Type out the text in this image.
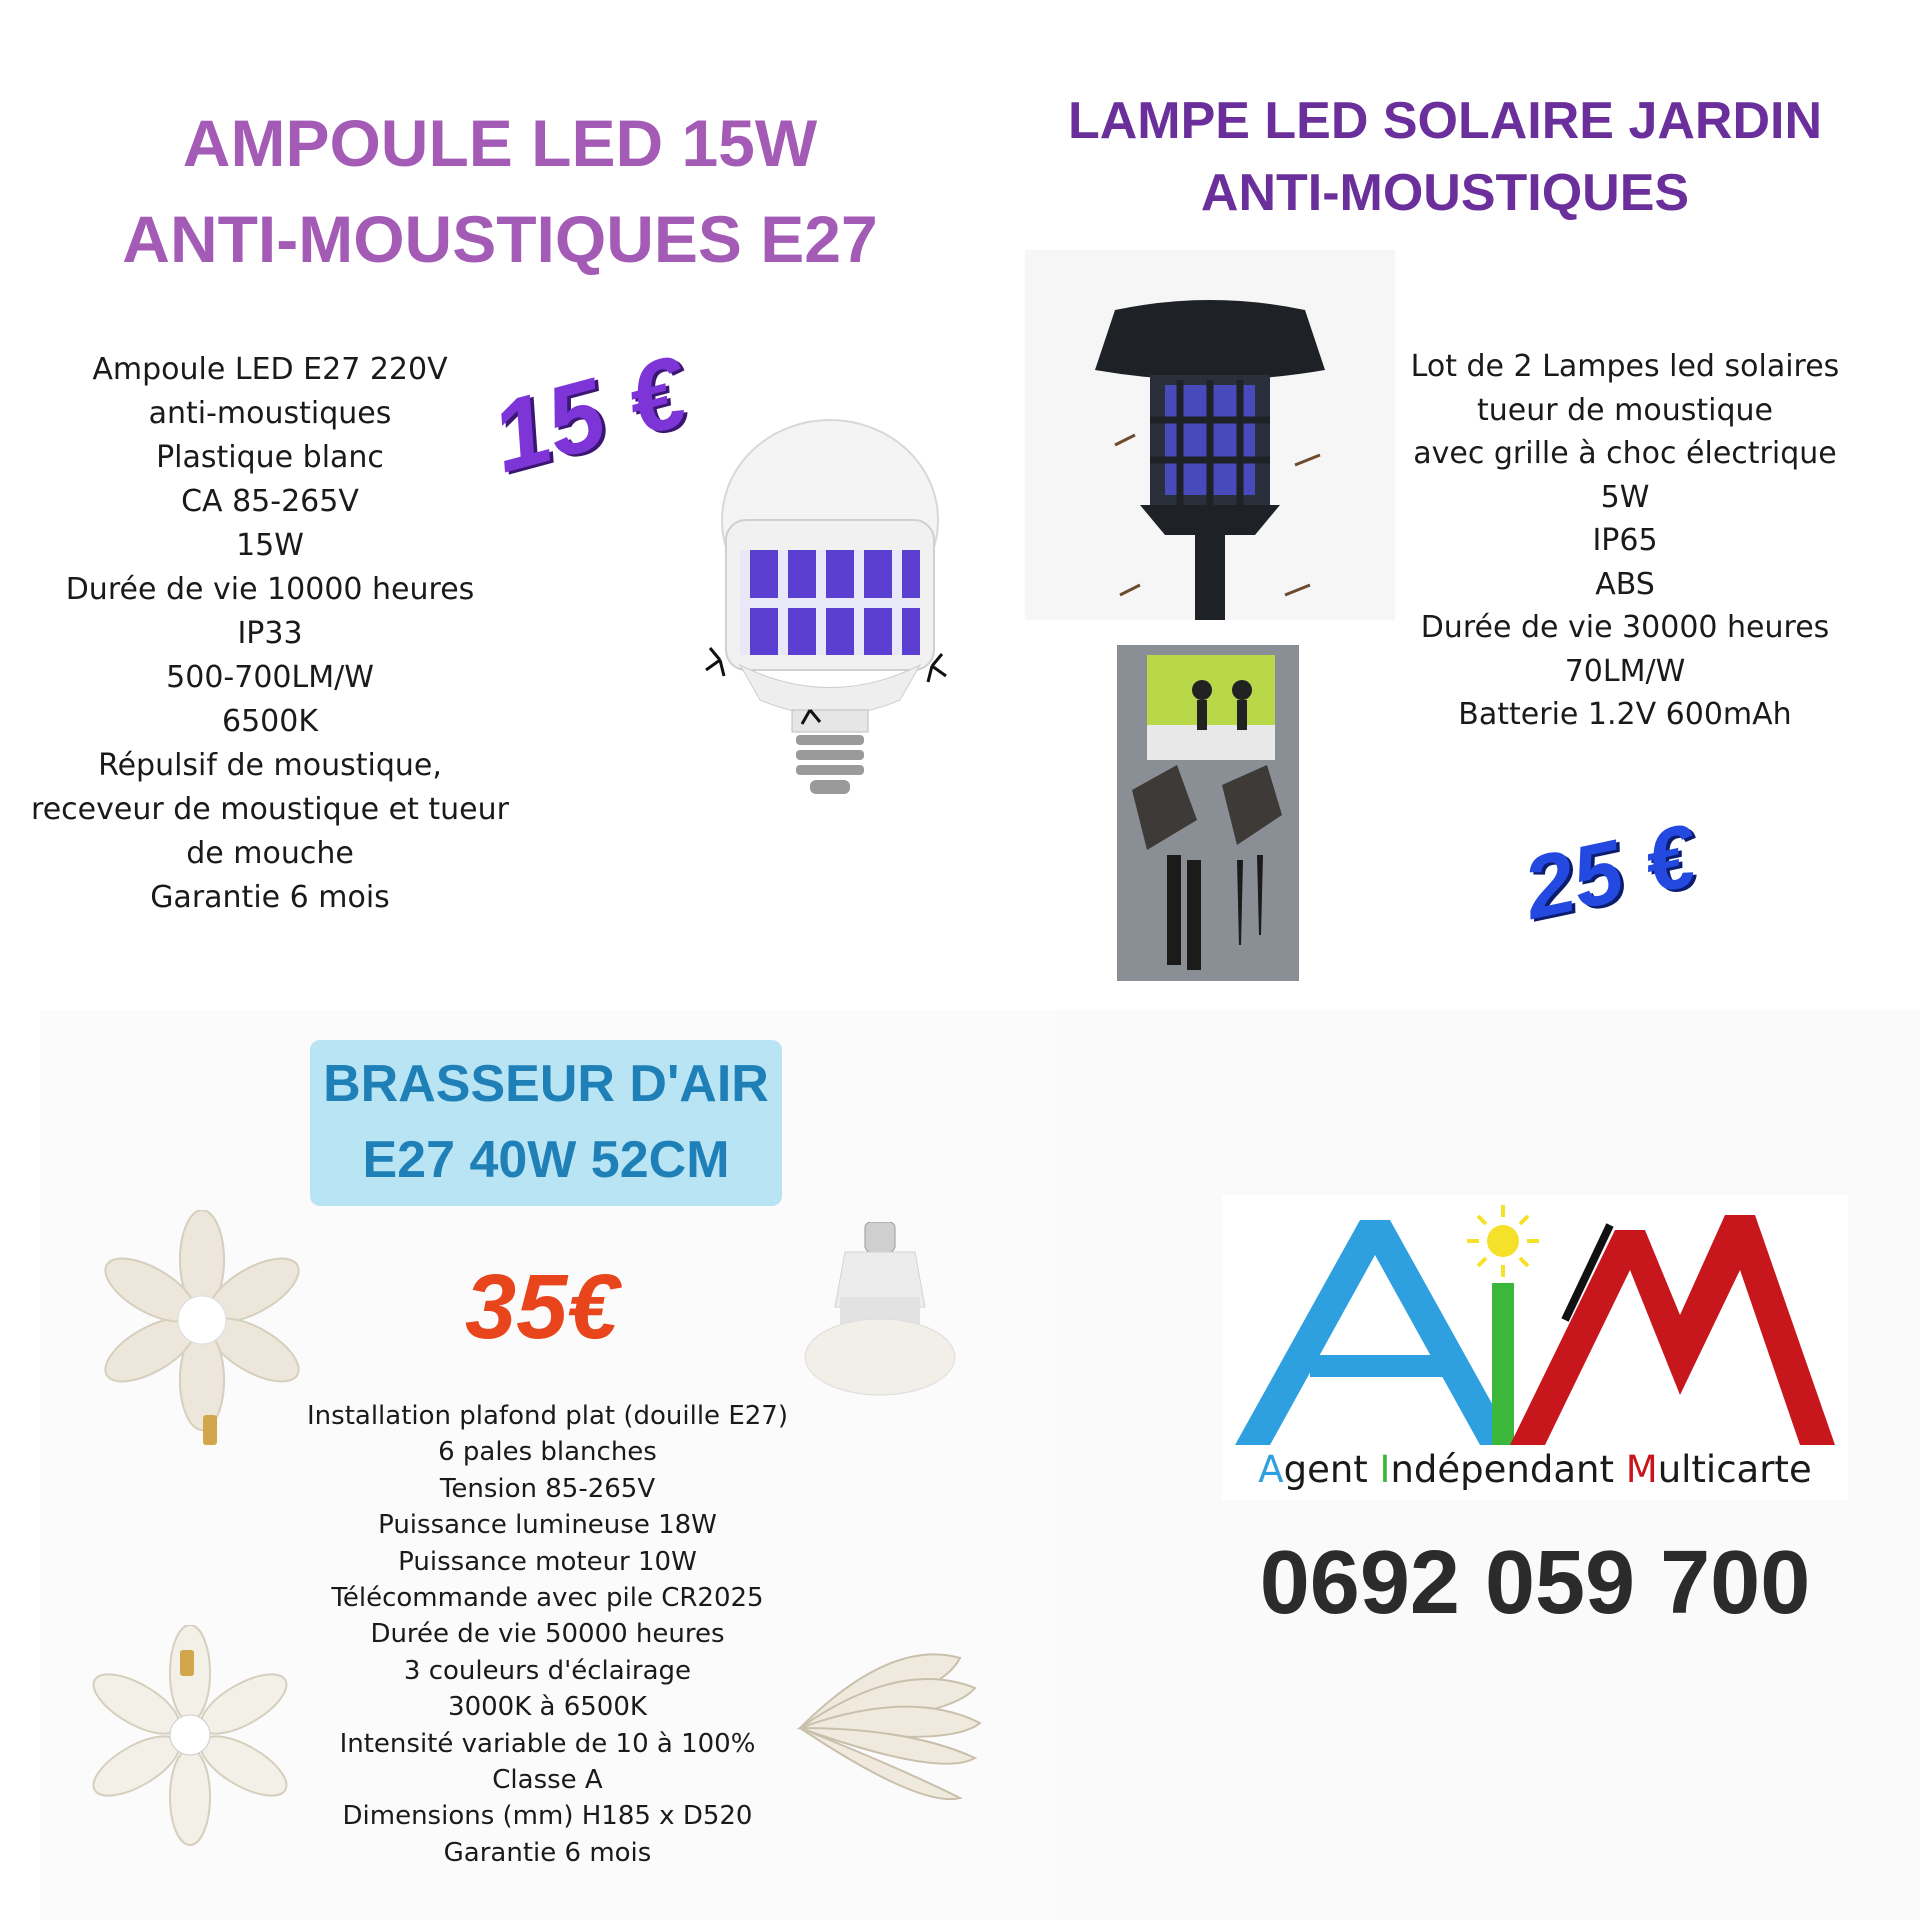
AMPOULE LED 15W
ANTI-MOUSTIQUES E27
Ampoule LED E27 220V
anti-moustiques
Plastique blanc
CA 85-265V
15W
Durée de vie 10000 heures
IP33
500-700LM/W
6500K
Répulsif de moustique,
receveur de moustique et tueur
de mouche
Garantie 6 mois
15 €
LAMPE LED SOLAIRE JARDIN
ANTI-MOUSTIQUES
Lot de 2 Lampes led solaires
tueur de moustique
avec grille à choc électrique
5W
IP65
ABS
Durée de vie 30000 heures
70LM/W
Batterie 1.2V 600mAh
25 €
BRASSEUR D'AIR
E27 40W 52CM
35€
Installation plafond plat (douille E27)
6 pales blanches
Tension 85-265V
Puissance lumineuse 18W
Puissance moteur 10W
Télécommande avec pile CR2025
Durée de vie 50000 heures
3 couleurs d'éclairage
3000K à 6500K
Intensité variable de 10 à 100%
Classe A
Dimensions (mm) H185 x D520
Garantie 6 mois
Agent Indépendant Multicarte
0692 059 700
